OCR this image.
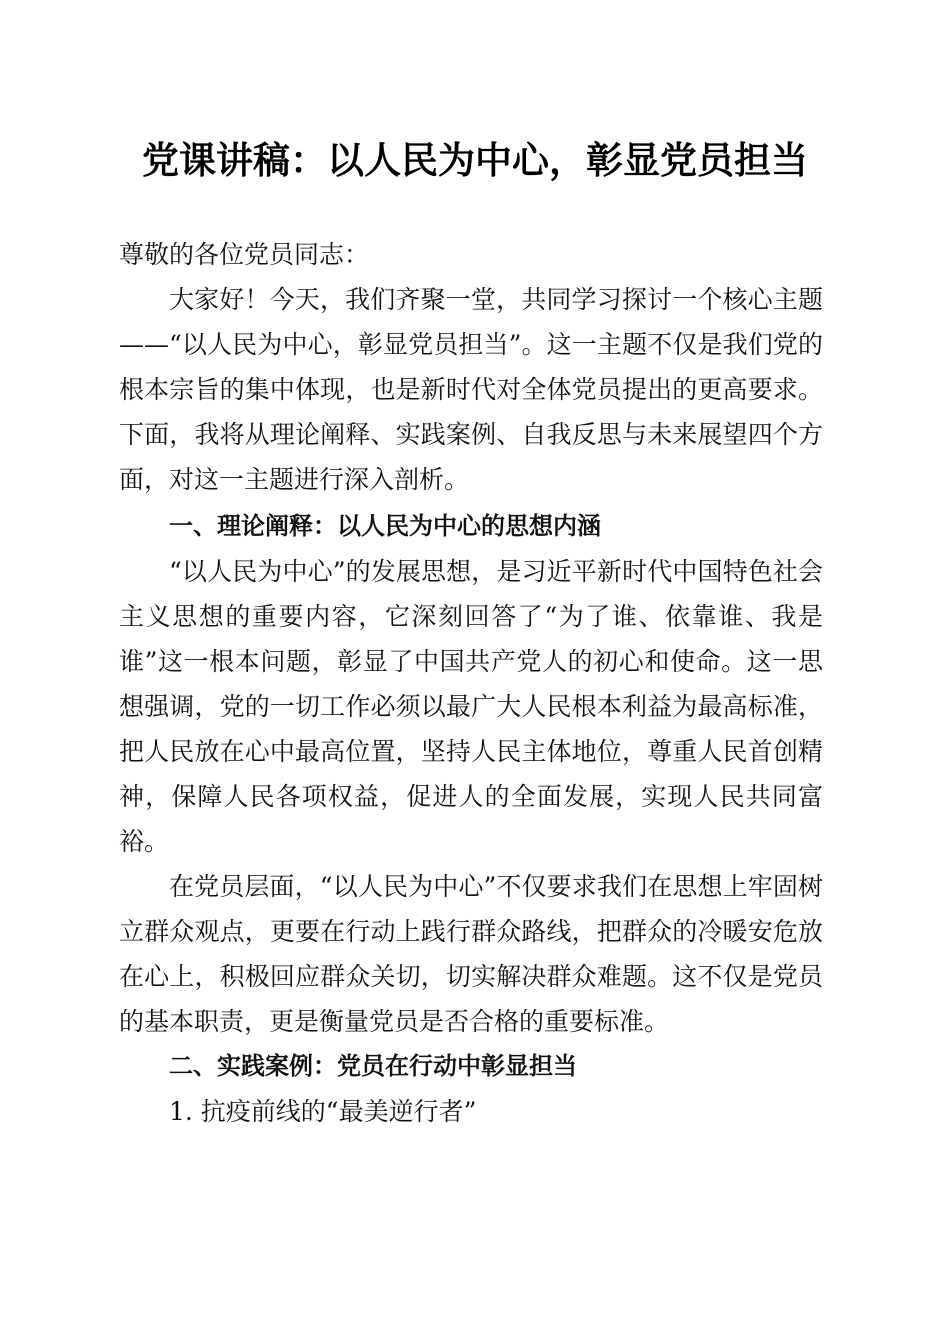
党课讲稿：以人民为中心，彰显党员担当

尊敬的各位党员同志：

大家好！今天，我们齐聚一堂，共同学习探讨一个核心主题——“以人民为中心，彰显党员担当”。这一主题不仅是我们党的根本宗旨的集中体现，也是新时代对全体党员提出的更高要求。下面，我将从理论阐释、实践案例、自我反思与未来展望四个方面，对这一主题进行深入剖析。

一、理论阐释：以人民为中心的思想内涵

“以人民为中心”的发展思想，是习近平新时代中国特色社会主义思想的重要内容，它深刻回答了“为了谁、依靠谁、我是谁”这一根本问题，彰显了中国共产党人的初心和使命。这一思想强调，党的一切工作必须以最广大人民根本利益为最高标准，把人民放在心中最高位置，坚持人民主体地位，尊重人民首创精神，保障人民各项权益，促进人的全面发展，实现人民共同富裕。

在党员层面，“以人民为中心”不仅要求我们在思想上牢固树立群众观点，更要在行动上践行群众路线，把群众的冷暖安危放在心上，积极回应群众关切，切实解决群众难题。这不仅是党员的基本职责，更是衡量党员是否合格的重要标准。

二、实践案例：党员在行动中彰显担当

1. 抗疫前线的“最美逆行者”
